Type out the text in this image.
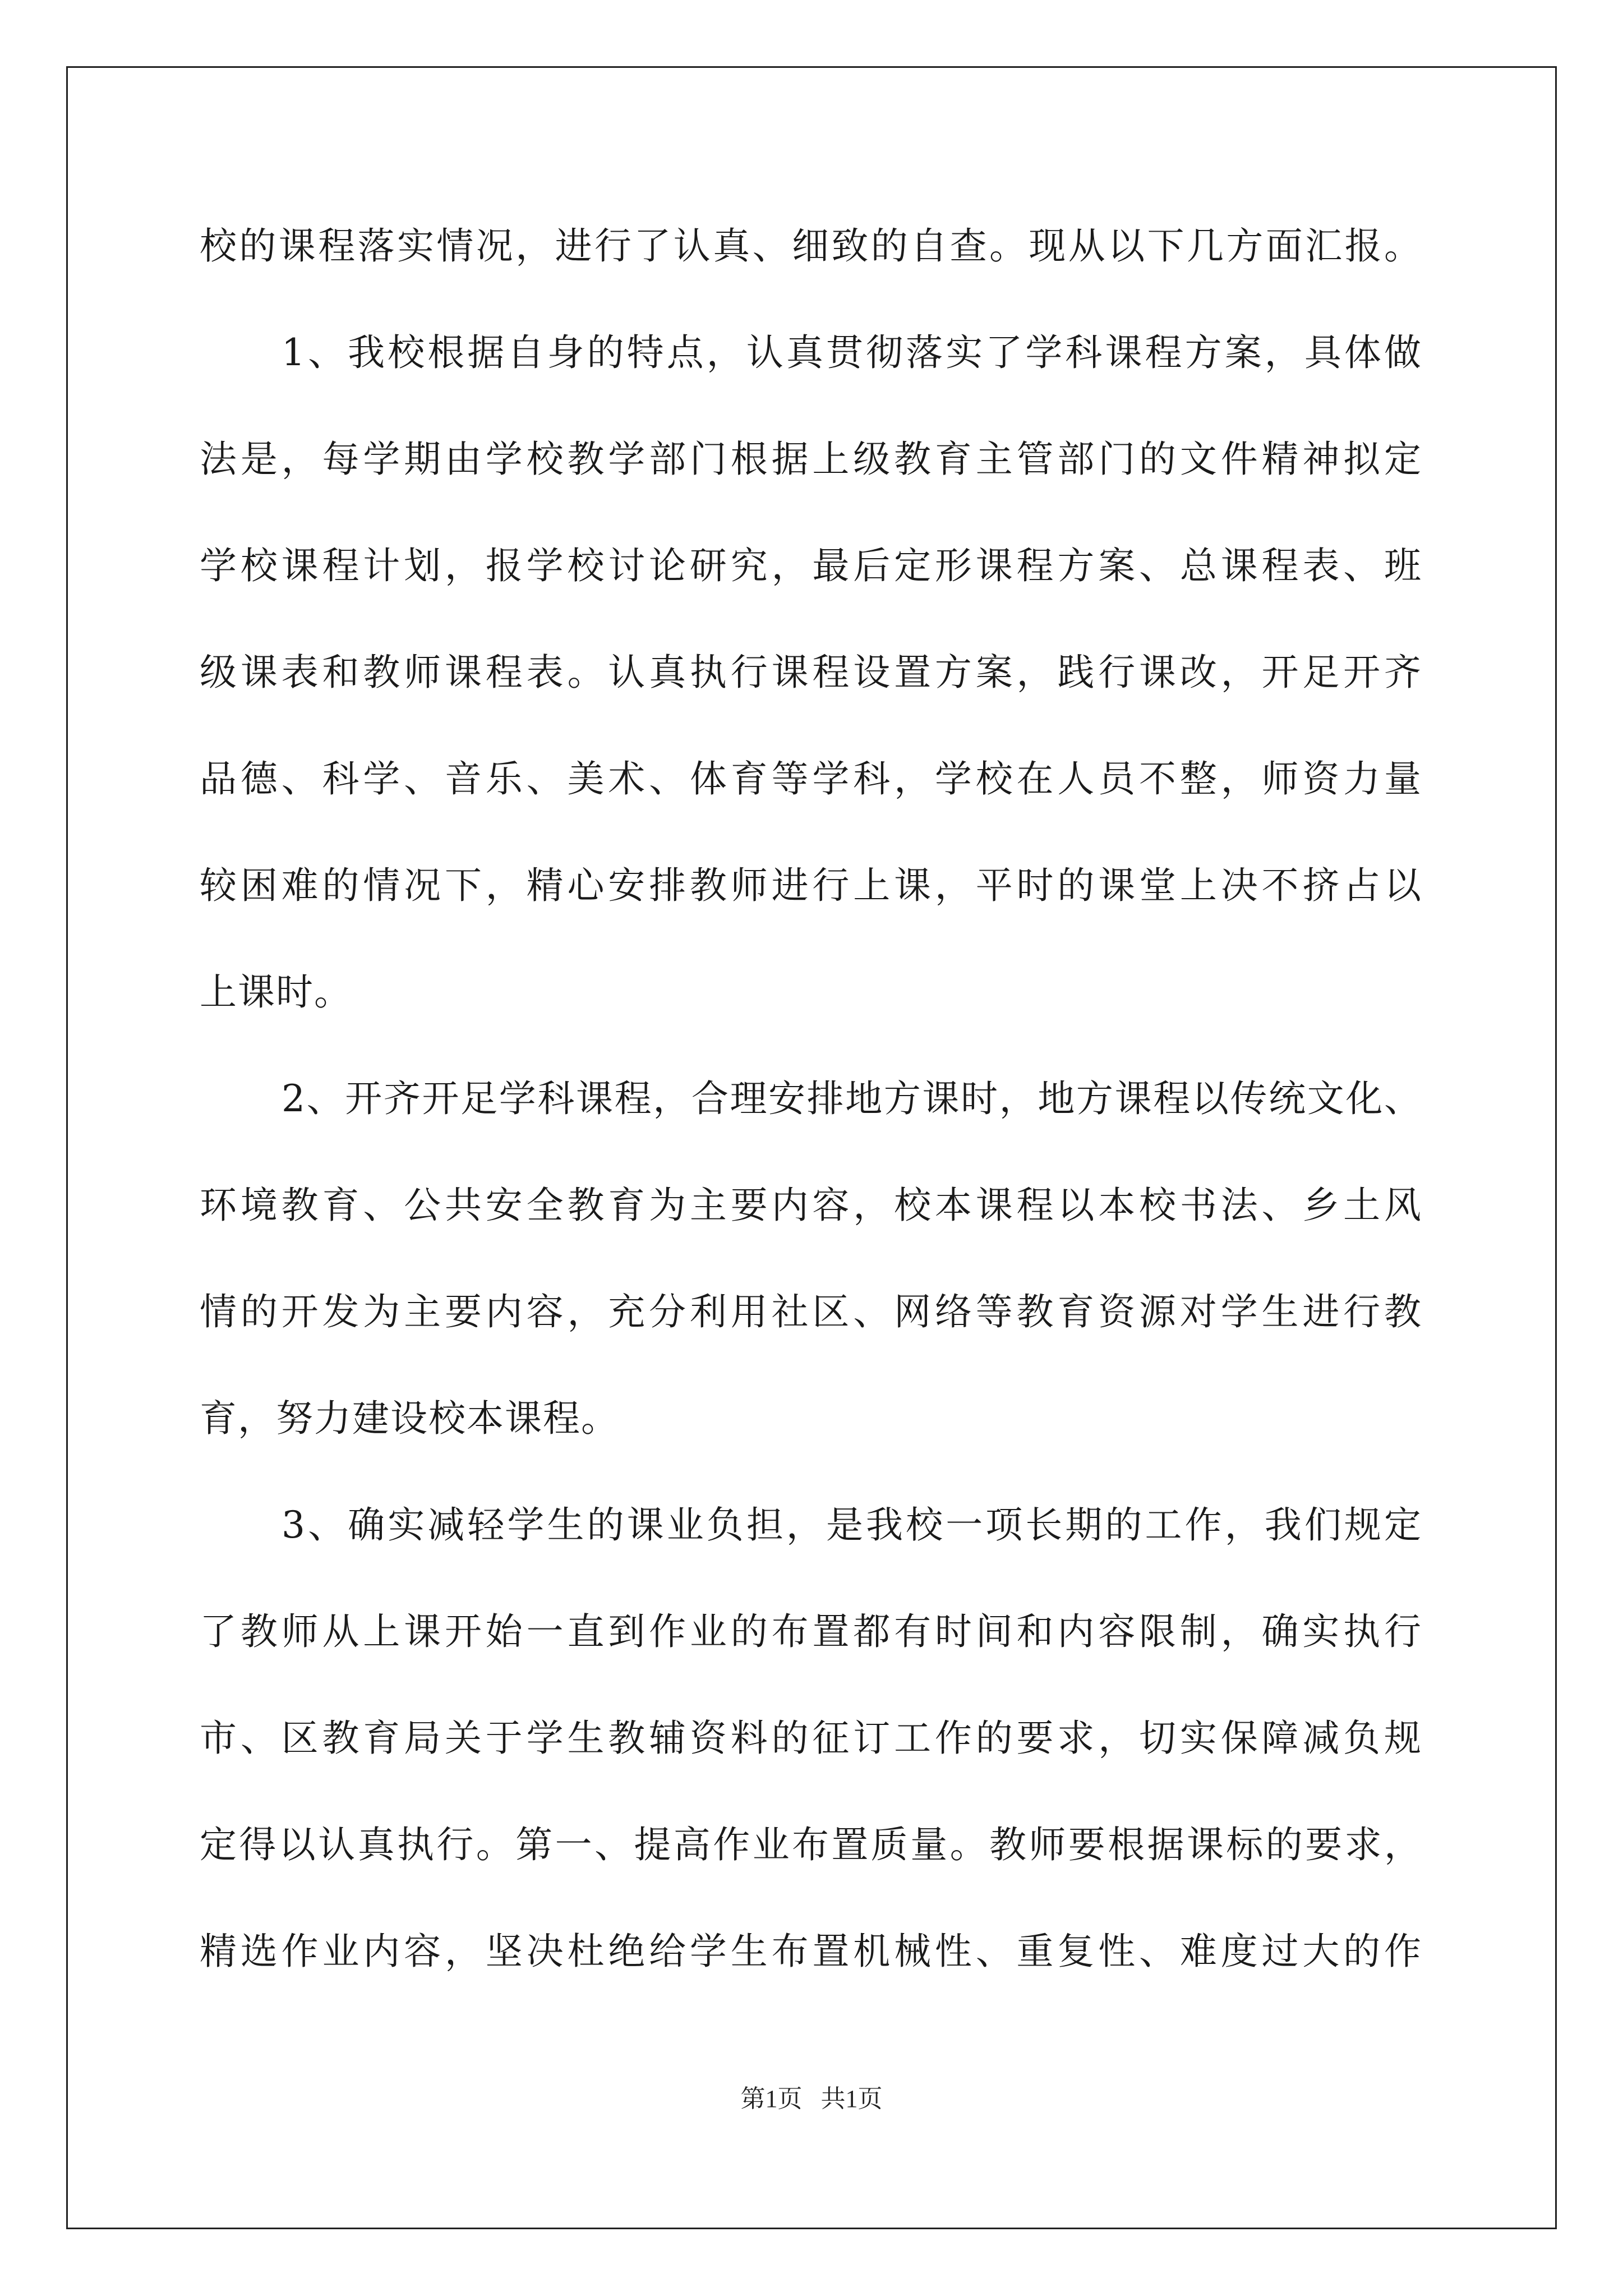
校的课程落实情况，进行了认真、细致的自查。现从以下几方面汇报。
1、我校根据自身的特点，认真贯彻落实了学科课程方案，具体做
法是，每学期由学校教学部门根据上级教育主管部门的文件精神拟定
学校课程计划，报学校讨论研究，最后定形课程方案、总课程表、班
级课表和教师课程表。认真执行课程设置方案，践行课改，开足开齐
品德、科学、音乐、美术、体育等学科，学校在人员不整，师资力量
较困难的情况下，精心安排教师进行上课，平时的课堂上决不挤占以
上课时。
2、开齐开足学科课程，合理安排地方课时，地方课程以传统文化、
环境教育、公共安全教育为主要内容，校本课程以本校书法、乡土风
情的开发为主要内容，充分利用社区、网络等教育资源对学生进行教
育，努力建设校本课程。
3、确实减轻学生的课业负担，是我校一项长期的工作，我们规定
了教师从上课开始一直到作业的布置都有时间和内容限制，确实执行
市、区教育局关于学生教辅资料的征订工作的要求，切实保障减负规
定得以认真执行。第一、提高作业布置质量。教师要根据课标的要求，
精选作业内容，坚决杜绝给学生布置机械性、重复性、难度过大的作
第1页   共1页
